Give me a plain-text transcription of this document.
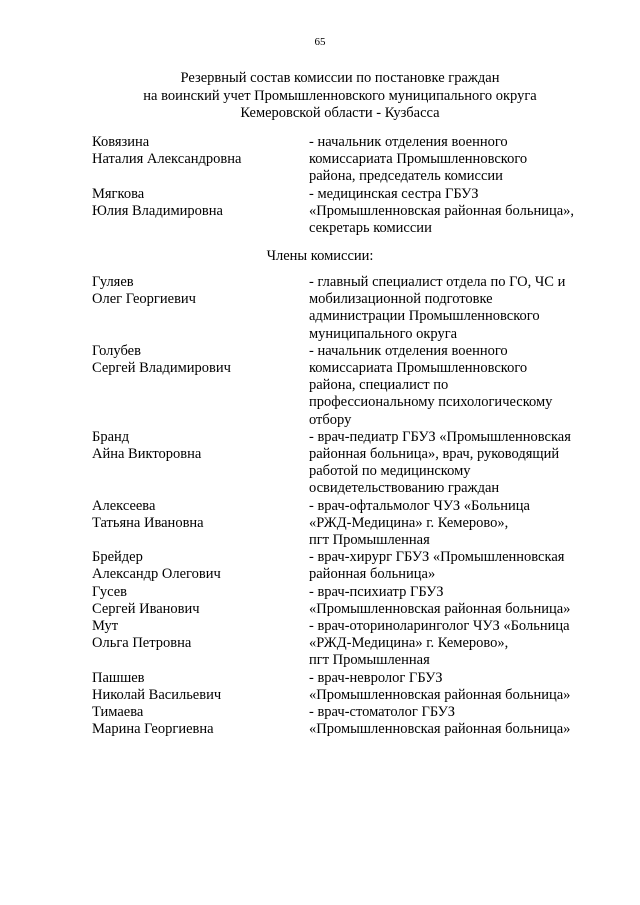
65
Резервный состав комиссии по постановке граждан
на воинский учет Промышленновского муниципального округа
Кемеровской области - Кузбасса
Ковязина
Наталия Александровна
- начальник отделения военного
комиссариата Промышленновского
района, председатель комиссии
Мягкова
Юлия Владимировна
- медицинская сестра ГБУЗ
«Промышленновская районная больница»,
секретарь комиссии
Члены комиссии:
Гуляев
Олег Георгиевич
- главный специалист отдела по ГО, ЧС и
мобилизационной подготовке
администрации Промышленновского
муниципального округа
Голубев
Сергей Владимирович
- начальник отделения военного
комиссариата Промышленновского
района, специалист по
профессиональному психологическому
отбору
Бранд
Айна Викторовна
- врач-педиатр ГБУЗ «Промышленновская
районная больница», врач, руководящий
работой по медицинскому
освидетельствованию граждан
Алексеева
Татьяна Ивановна
- врач-офтальмолог ЧУЗ «Больница
«РЖД-Медицина» г. Кемерово»,
пгт Промышленная
Брейдер
Александр Олегович
- врач-хирург ГБУЗ «Промышленновская
районная больница»
Гусев
Сергей Иванович
- врач-психиатр ГБУЗ
«Промышленновская районная больница»
Мут
Ольга Петровна
- врач-оториноларинголог ЧУЗ «Больница
«РЖД-Медицина» г. Кемерово»,
пгт Промышленная
Пашшев
Николай Васильевич
- врач-невролог ГБУЗ
«Промышленновская районная больница»
Тимаева
Марина Георгиевна
- врач-стоматолог ГБУЗ
«Промышленновская районная больница»
